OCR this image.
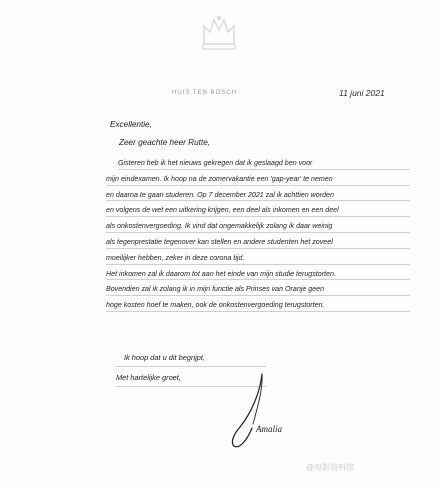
HUIS TEN BOSCH	11 juni 2021
Excellentie,
Zeer geachte heer Rutte,
Gisteren heb ik het nieuws gekregen dat ik geslaagd ben voor
mijn eindexamen. Ik hoop na de zomervakantie een 'gap-year' te nemen
en daarna te gaan studeren. Op 7 december 2021 zal ik achttien worden
en volgens de wet een uitkering krijgen, een deel als inkomen en een deel
als onkostenvergoeding. Ik vind dat ongemakkelijk zolang ik daar weinig
als tegenprestatie tegenover kan stellen en andere studenten het zoveel
moeilijker hebben, zeker in deze corona tijd.
Het inkomen zal ik daarom tot aan het einde van mijn studie terugstorten.
Bovendien zal ik zolang ik in mijn functie als Prinses van Oranje geen
hoge kosten hoef te maken, ook de onkostenvergoeding terugstorten.
Ik hoop dat u dit begrijpt,
Met hartelijke groet,
Amalia
@电影资料馆
